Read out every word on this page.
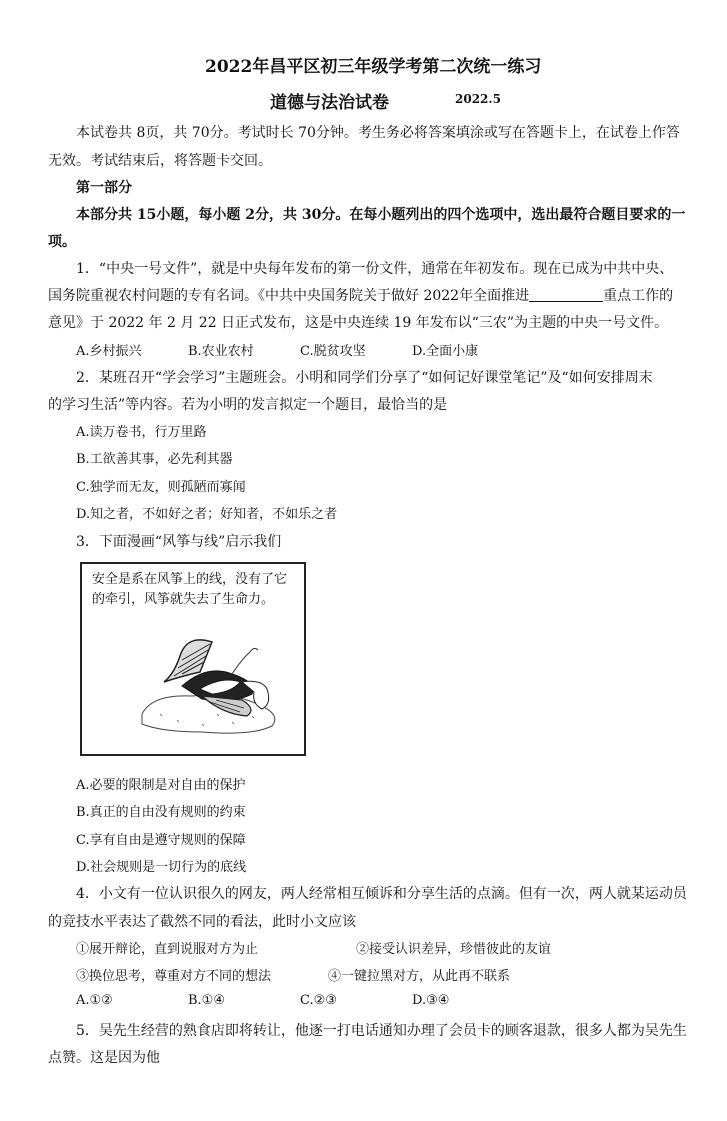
2022年昌平区初三年级学考第二次统一练习
道德与法治试卷	2022.5
本试卷共 8页，共 70分。考试时长 70分钟。考生务必将答案填涂或写在答题卡上，在试卷上作答
无效。考试结束后，将答题卡交回。
第一部分
本部分共 15小题，每小题 2分，共 30分。在每小题列出的四个选项中，选出最符合题目要求的一
项。
1．“中央一号文件”，就是中央每年发布的第一份文件，通常在年初发布。现在已成为中共中央、
国务院重视农村问题的专有名词。《中共中央国务院关于做好 2022年全面推进	重点工作的
意见》于 2022 年 2 月 22 日正式发布，这是中央连续 19 年发布以“三农”为主题的中央一号文件。
A.乡村振兴	B.农业农村	C.脱贫攻坚	D.全面小康
2．某班召开“学会学习”主题班会。小明和同学们分享了“如何记好课堂笔记”及“如何安排周末
的学习生活”等内容。若为小明的发言拟定一个题目，最恰当的是
A.读万卷书，行万里路
B.工欲善其事，必先利其器
C.独学而无友，则孤陋而寡闻
D.知之者，不如好之者；好知者，不如乐之者
3．下面漫画“风筝与线”启示我们
安全是系在风筝上的线，没有了它的牵引，风筝就失去了生命力。
A.必要的限制是对自由的保护
B.真正的自由没有规则的约束
C.享有自由是遵守规则的保障
D.社会规则是一切行为的底线
4．小文有一位认识很久的网友，两人经常相互倾诉和分享生活的点滴。但有一次，两人就某运动员
的竞技水平表达了截然不同的看法，此时小文应该
①展开辩论，直到说服对方为止	②接受认识差异，珍惜彼此的友谊
③换位思考，尊重对方不同的想法	④一键拉黑对方，从此再不联系
A.①②	B.①④	C.②③	D.③④
5．吴先生经营的熟食店即将转让，他逐一打电话通知办理了会员卡的顾客退款，很多人都为吴先生
点赞。这是因为他
